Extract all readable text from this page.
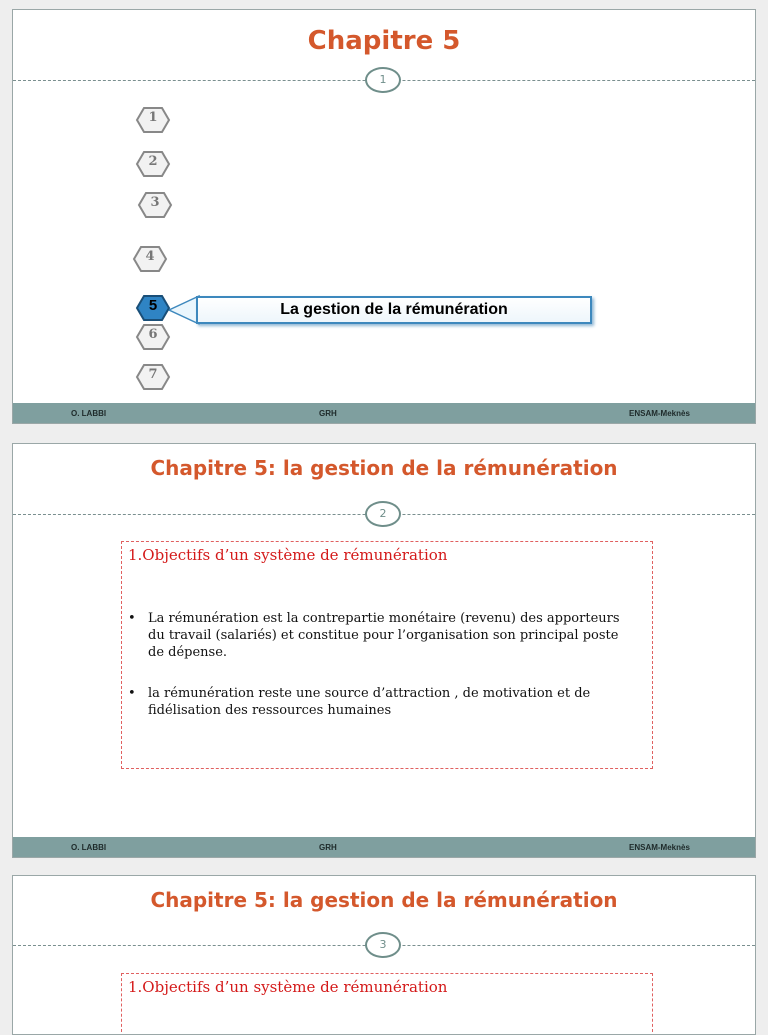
Chapitre 5
1
1
2
3
4
5	La gestion de la rémunération
6
7
O. LABBI	GRH	ENSAM-Meknès
Chapitre 5: la gestion de la rémunération
2
1.Objectifs d’un système de rémunération
• La rémunération est la contrepartie monétaire (revenu) des apporteurs du travail (salariés) et constitue pour l’organisation son principal poste de dépense.
• la rémunération reste une source d’attraction , de motivation et de fidélisation des ressources humaines
O. LABBI	GRH	ENSAM-Meknès
Chapitre 5: la gestion de la rémunération
3
1.Objectifs d’un système de rémunération
